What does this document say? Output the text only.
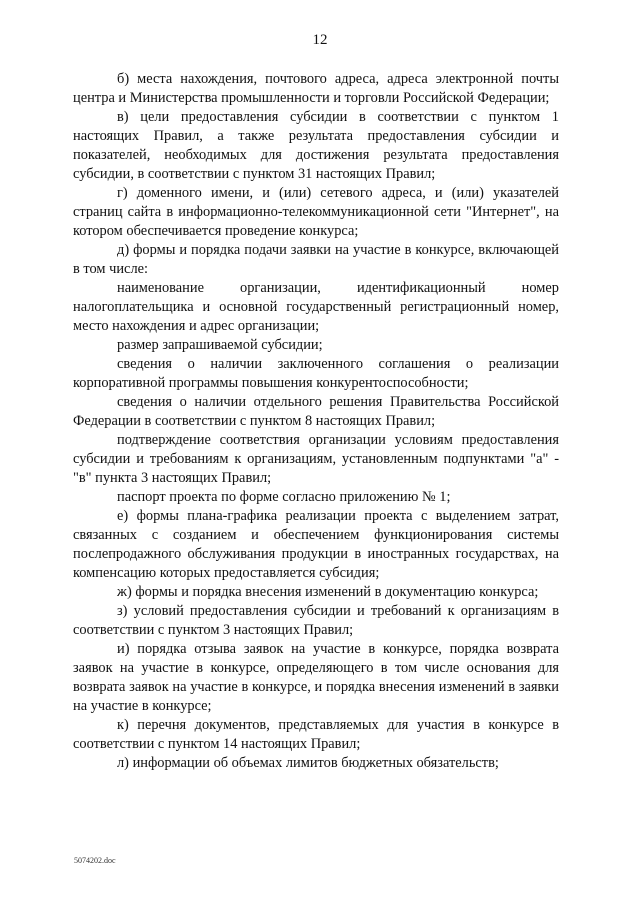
12

б) места нахождения, почтового адреса, адреса электронной почты центра и Министерства промышленности и торговли Российской Федерации;

в) цели предоставления субсидии в соответствии с пунктом 1 настоящих Правил, а также результата предоставления субсидии и показателей, необходимых для достижения результата предоставления субсидии, в соответствии с пунктом 31 настоящих Правил;

г) доменного имени, и (или) сетевого адреса, и (или) указателей страниц сайта в информационно-телекоммуникационной сети "Интернет", на котором обеспечивается проведение конкурса;

д) формы и порядка подачи заявки на участие в конкурсе, включающей в том числе:

наименование организации, идентификационный номер налогоплательщика и основной государственный регистрационный номер, место нахождения и адрес организации;

размер запрашиваемой субсидии;

сведения о наличии заключенного соглашения о реализации корпоративной программы повышения конкурентоспособности;

сведения о наличии отдельного решения Правительства Российской Федерации в соответствии с пунктом 8 настоящих Правил;

подтверждение соответствия организации условиям предоставления субсидии и требованиям к организациям, установленным подпунктами "а" - "в" пункта 3 настоящих Правил;

паспорт проекта по форме согласно приложению № 1;

е) формы плана-графика реализации проекта с выделением затрат, связанных с созданием и обеспечением функционирования системы послепродажного обслуживания продукции в иностранных государствах, на компенсацию которых предоставляется субсидия;

ж) формы и порядка внесения изменений в документацию конкурса;

з) условий предоставления субсидии и требований к организациям в соответствии с пунктом 3 настоящих Правил;

и) порядка отзыва заявок на участие в конкурсе, порядка возврата заявок на участие в конкурсе, определяющего в том числе основания для возврата заявок на участие в конкурсе, и порядка внесения изменений в заявки на участие в конкурсе;

к) перечня документов, представляемых для участия в конкурсе в соответствии с пунктом 14 настоящих Правил;

л) информации об объемах лимитов бюджетных обязательств;

5074202.doc
